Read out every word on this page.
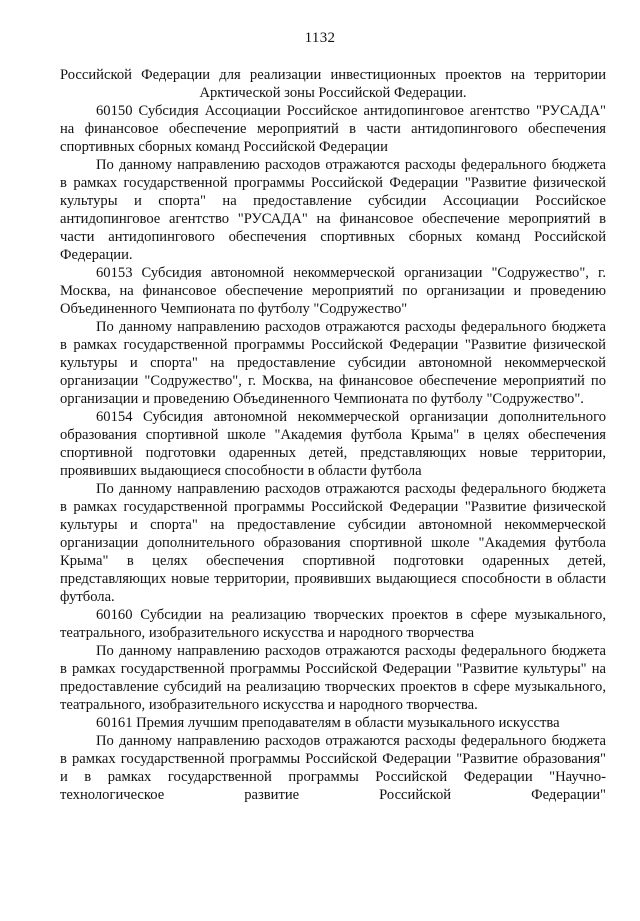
1132

Российской Федерации для реализации инвестиционных проектов на территории

Арктической зоны Российской Федерации.

60150 Субсидия Ассоциации Российское антидопинговое агентство "РУСАДА" на финансовое обеспечение мероприятий в части антидопингового обеспечения спортивных сборных команд Российской Федерации

По данному направлению расходов отражаются расходы федерального бюджета в рамках государственной программы Российской Федерации "Развитие физической культуры и спорта" на предоставление субсидии Ассоциации Российское антидопинговое агентство "РУСАДА" на финансовое обеспечение мероприятий в части антидопингового обеспечения спортивных сборных команд Российской Федерации.

60153 Субсидия автономной некоммерческой организации "Содружество", г. Москва, на финансовое обеспечение мероприятий по организации и проведению Объединенного Чемпионата по футболу "Содружество"

По данному направлению расходов отражаются расходы федерального бюджета в рамках государственной программы Российской Федерации "Развитие физической культуры и спорта" на предоставление субсидии автономной некоммерческой организации "Содружество", г. Москва, на финансовое обеспечение мероприятий по организации и проведению Объединенного Чемпионата по футболу "Содружество".

60154 Субсидия автономной некоммерческой организации дополнительного образования спортивной школе "Академия футбола Крыма" в целях обеспечения спортивной подготовки одаренных детей, представляющих новые территории, проявивших выдающиеся способности в области футбола

По данному направлению расходов отражаются расходы федерального бюджета в рамках государственной программы Российской Федерации "Развитие физической культуры и спорта" на предоставление субсидии автономной некоммерческой организации дополнительного образования спортивной школе "Академия футбола Крыма" в целях обеспечения спортивной подготовки одаренных детей, представляющих новые территории, проявивших выдающиеся способности в области футбола.

60160 Субсидии на реализацию творческих проектов в сфере музыкального, театрального, изобразительного искусства и народного творчества

По данному направлению расходов отражаются расходы федерального бюджета в рамках государственной программы Российской Федерации "Развитие культуры" на предоставление субсидий на реализацию творческих проектов в сфере музыкального, театрального, изобразительного искусства и народного творчества.

60161 Премия лучшим преподавателям в области музыкального искусства

По данному направлению расходов отражаются расходы федерального бюджета в рамках государственной программы Российской Федерации "Развитие образования" и в рамках государственной программы Российской Федерации "Научно-технологическое развитие Российской Федерации"
